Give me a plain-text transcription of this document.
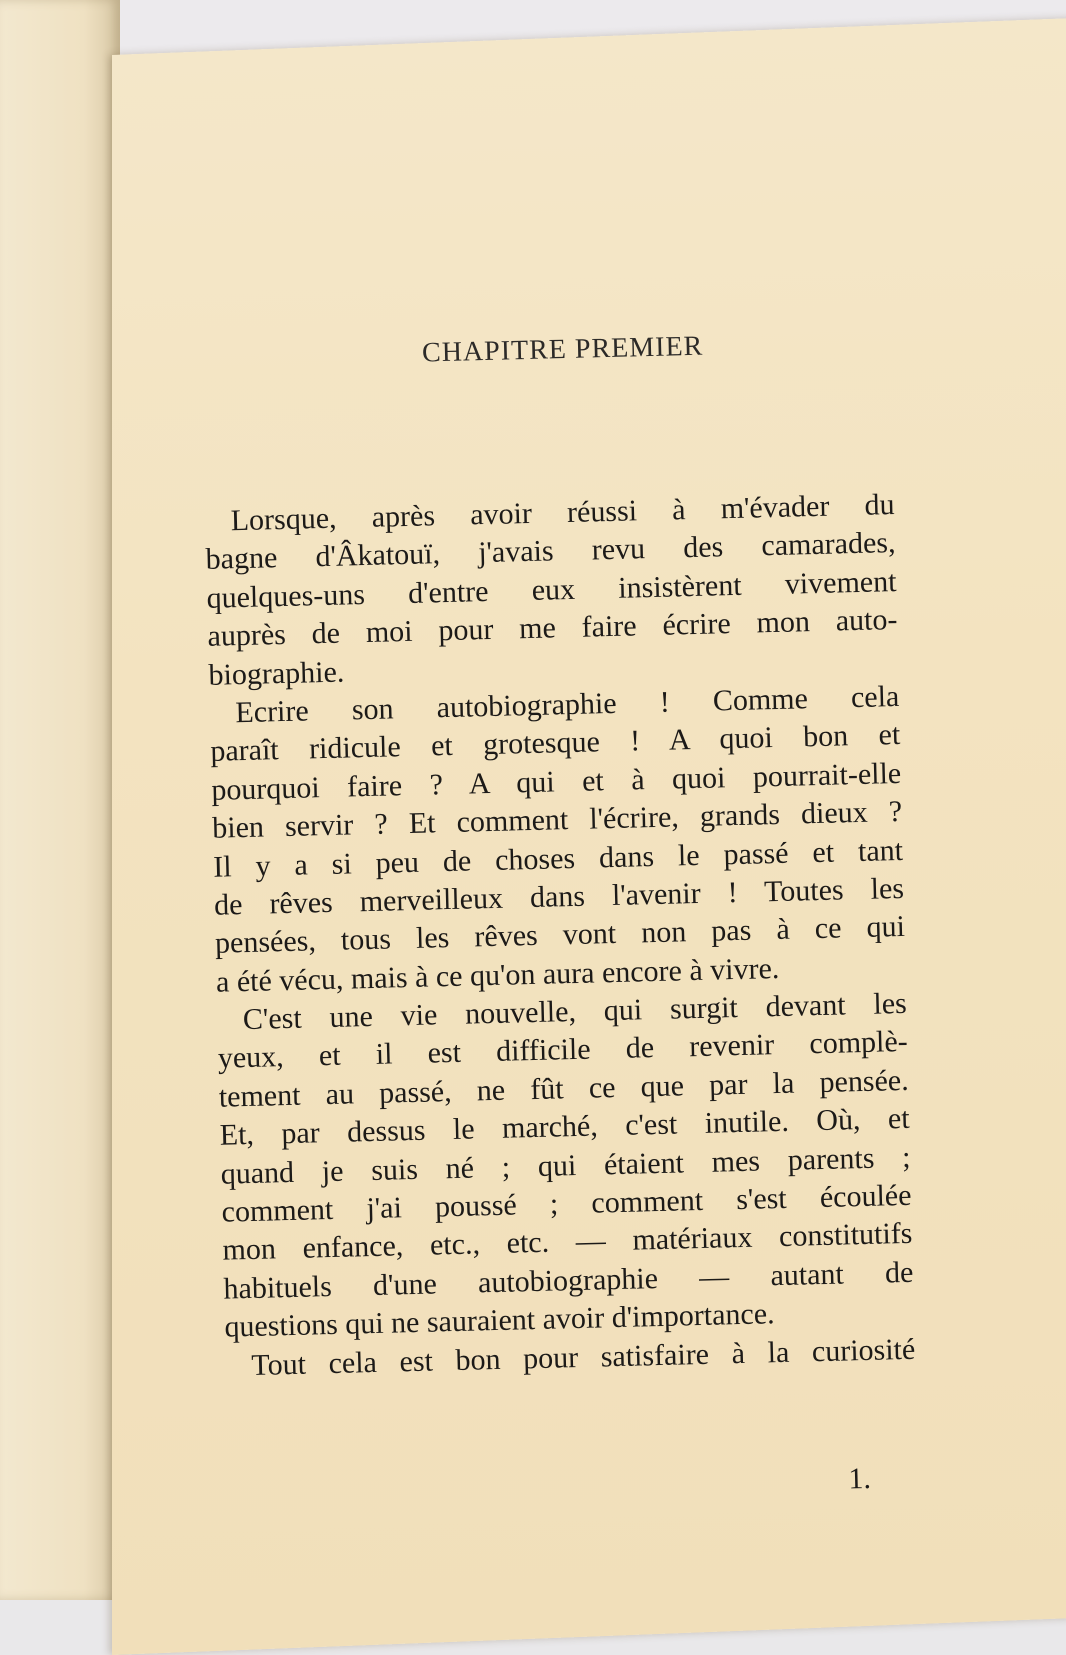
CHAPITRE PREMIER
Lorsque, après avoir réussi à m'évader du
bagne d'Âkatouï, j'avais revu des camarades,
quelques-uns d'entre eux insistèrent vivement
auprès de moi pour me faire écrire mon auto-
biographie.
Ecrire son autobiographie ! Comme cela
paraît ridicule et grotesque ! A quoi bon et
pourquoi faire ? A qui et à quoi pourrait-elle
bien servir ? Et comment l'écrire, grands dieux ?
Il y a si peu de choses dans le passé et tant
de rêves merveilleux dans l'avenir ! Toutes les
pensées, tous les rêves vont non pas à ce qui
a été vécu, mais à ce qu'on aura encore à vivre.
C'est une vie nouvelle, qui surgit devant les
yeux, et il est difficile de revenir complè-
tement au passé, ne fût ce que par la pensée.
Et, par dessus le marché, c'est inutile. Où, et
quand je suis né ; qui étaient mes parents ;
comment j'ai poussé ; comment s'est écoulée
mon enfance, etc., etc. — matériaux constitutifs
habituels d'une autobiographie — autant de
questions qui ne sauraient avoir d'importance.
Tout cela est bon pour satisfaire à la curiosité
1.
